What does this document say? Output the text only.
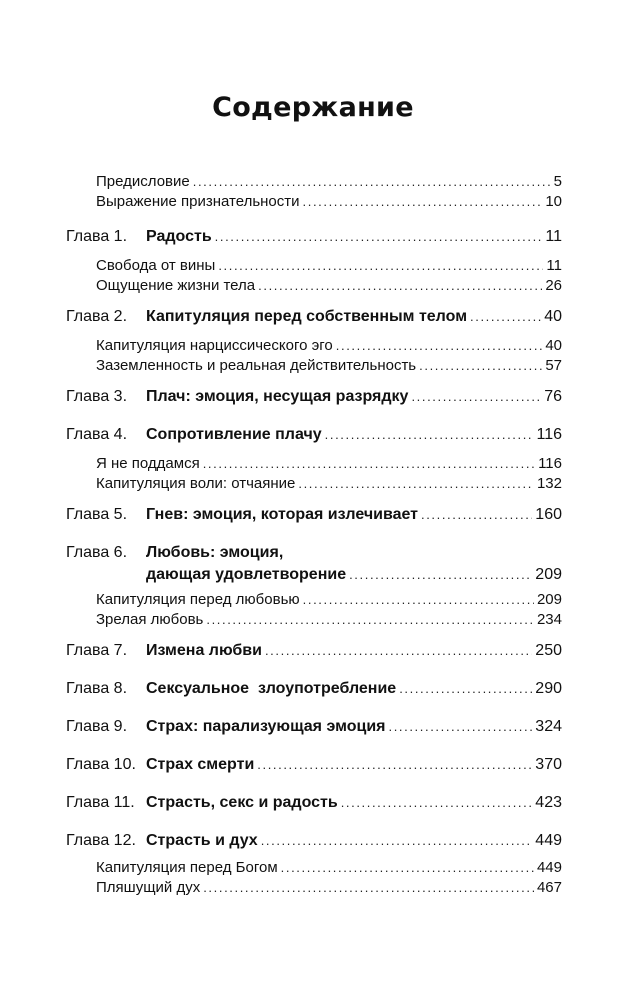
Содержание
Предисловие .....	5
Выражение признательности .....	10
Глава 1.	Радость .....	11
Свобода от вины .....	11
Ощущение жизни тела .....	26
Глава 2.	Капитуляция перед собственным телом .....	40
Капитуляция нарциссического эго .....	40
Заземленность и реальная действительность .....	57
Глава 3.	Плач: эмоция, несущая разрядку .....	76
Глава 4.	Сопротивление плачу .....	116
Я не поддамся .....	116
Капитуляция воли: отчаяние .....	132
Глава 5.	Гнев: эмоция, которая излечивает .....	160
Глава 6.	Любовь: эмоция,
дающая удовлетворение .....	209
Капитуляция перед любовью .....	209
Зрелая любовь .....	234
Глава 7.	Измена любви .....	250
Глава 8.	Сексуальное  злоупотребление .....	290
Глава 9.	Страх: парализующая эмоция .....	324
Глава 10. Страх смерти .....	370
Глава 11. Страсть, секс и радость .....	423
Глава 12. Страсть и дух .....	449
Капитуляция перед Богом .....	449
Пляшущий дух .....	467
